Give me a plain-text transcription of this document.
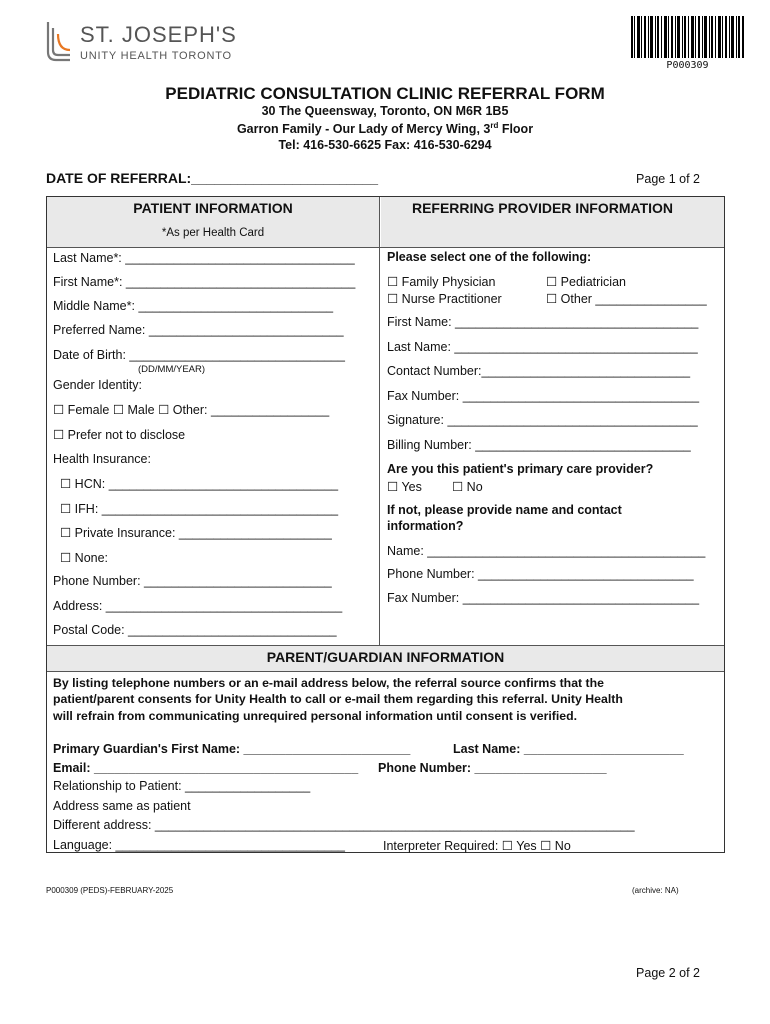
ST. JOSEPH'S
UNITY HEALTH TORONTO
P000309
PEDIATRIC CONSULTATION CLINIC REFERRAL FORM
30 The Queensway, Toronto, ON M6R 1B5
Garron Family - Our Lady of Mercy Wing, 3rd Floor
Tel: 416-530-6625 Fax: 416-530-6294
DATE OF REFERRAL:________________________	Page 1 of 2
PATIENT INFORMATION
*As per Health Card
Last Name*: _________________________________
First Name*: _________________________________
Middle Name*: ____________________________
Preferred Name: ____________________________
Date of Birth: _______________________________
(DD/MM/YEAR)
Gender Identity:
☐ Female ☐ Male ☐ Other: _________________
☐ Prefer not to disclose
Health Insurance:
☐ HCN: _________________________________
☐ IFH: __________________________________
☐ Private Insurance: ______________________
☐ None:
Phone Number: ___________________________
Address: __________________________________
Postal Code: ______________________________
REFERRING PROVIDER INFORMATION
Please select one of the following:
☐ Family Physician	☐ Pediatrician
☐ Nurse Practitioner	☐ Other ________________
First Name: ___________________________________
Last Name: ___________________________________
Contact Number:______________________________
Fax Number: __________________________________
Signature: ____________________________________
Billing Number: _______________________________
Are you this patient's primary care provider?
☐ Yes ☐ No
If not, please provide name and contact
information?
Name: ________________________________________
Phone Number: _______________________________
Fax Number: __________________________________
PARENT/GUARDIAN INFORMATION
By listing telephone numbers or an e-mail address below, the referral source confirms that the
patient/parent consents for Unity Health to call or e-mail them regarding this referral. Unity Health
will refrain from communicating unrequired personal information until consent is verified.
Primary Guardian's First Name: ________________________	Last Name: _______________________
Email: ______________________________________ Phone Number: ___________________
Relationship to Patient: __________________
Address same as patient
Different address: _____________________________________________________________________
Language: _________________________________	Interpreter Required: ☐ Yes ☐ No
P000309 (PEDS)-FEBRUARY-2025	(archive: NA)
Page 2 of 2
